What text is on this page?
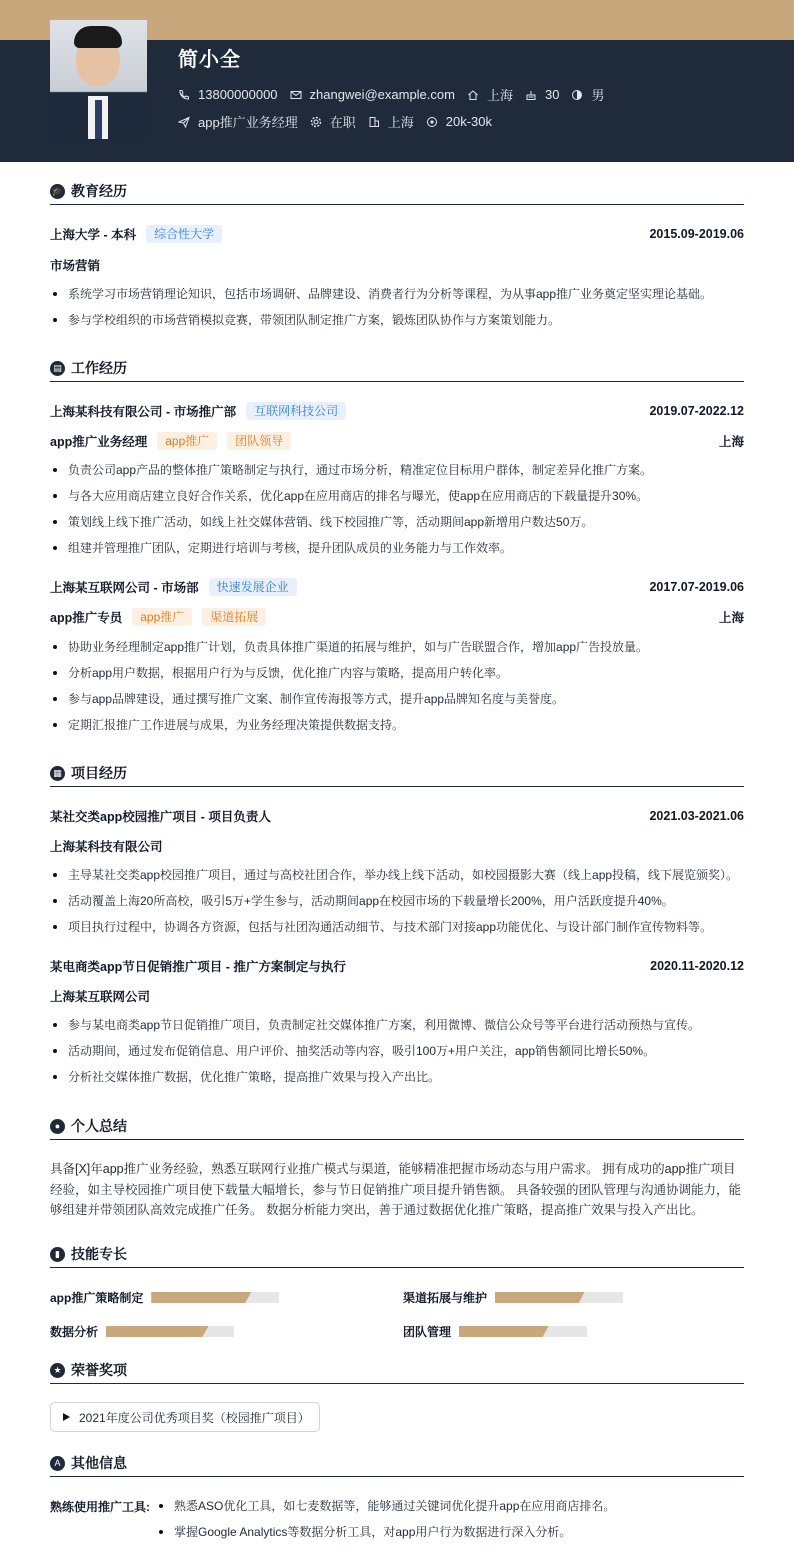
简小全
13800000000 zhangwei@example.com 上海 30 男
app推广业务经理 在职 上海 20k-30k
🎓 教育经历
上海大学 - 本科	综合性大学	2015.09-2019.06
市场营销
系统学习市场营销理论知识，包括市场调研、品牌建设、消费者行为分析等课程，为从事app推广业务奠定坚实理论基础。
参与学校组织的市场营销模拟竞赛，带领团队制定推广方案，锻炼团队协作与方案策划能力。
▤ 工作经历
上海某科技有限公司 - 市场推广部	互联网科技公司	2019.07-2022.12
app推广业务经理	app推广	团队领导	上海
负责公司app产品的整体推广策略制定与执行，通过市场分析，精准定位目标用户群体，制定差异化推广方案。
与各大应用商店建立良好合作关系，优化app在应用商店的排名与曝光，使app在应用商店的下载量提升30%。
策划线上线下推广活动，如线上社交媒体营销、线下校园推广等，活动期间app新增用户数达50万。
组建并管理推广团队，定期进行培训与考核，提升团队成员的业务能力与工作效率。
上海某互联网公司 - 市场部	快速发展企业	2017.07-2019.06
app推广专员	app推广	渠道拓展	上海
协助业务经理制定app推广计划，负责具体推广渠道的拓展与维护，如与广告联盟合作，增加app广告投放量。
分析app用户数据，根据用户行为与反馈，优化推广内容与策略，提高用户转化率。
参与app品牌建设，通过撰写推广文案、制作宣传海报等方式，提升app品牌知名度与美誉度。
定期汇报推广工作进展与成果，为业务经理决策提供数据支持。
▦ 项目经历
某社交类app校园推广项目 - 项目负责人	2021.03-2021.06
上海某科技有限公司
主导某社交类app校园推广项目，通过与高校社团合作，举办线上线下活动，如校园摄影大赛（线上app投稿，线下展览颁奖）。
活动覆盖上海20所高校，吸引5万+学生参与，活动期间app在校园市场的下载量增长200%，用户活跃度提升40%。
项目执行过程中，协调各方资源，包括与社团沟通活动细节、与技术部门对接app功能优化、与设计部门制作宣传物料等。
某电商类app节日促销推广项目 - 推广方案制定与执行	2020.11-2020.12
上海某互联网公司
参与某电商类app节日促销推广项目，负责制定社交媒体推广方案，利用微博、微信公众号等平台进行活动预热与宣传。
活动期间，通过发布促销信息、用户评价、抽奖活动等内容，吸引100万+用户关注，app销售额同比增长50%。
分析社交媒体推广数据，优化推广策略，提高推广效果与投入产出比。
● 个人总结

具备[X]年app推广业务经验，熟悉互联网行业推广模式与渠道，能够精准把握市场动态与用户需求。 拥有成功的app推广项目经验，如主导校园推广项目使下载量大幅增长，参与节日促销推广项目提升销售额。 具备较强的团队管理与沟通协调能力，能够组建并带领团队高效完成推广任务。 数据分析能力突出，善于通过数据优化推广策略，提高推广效果与投入产出比。

▮ 技能专长
app推广策略制定	渠道拓展与维护
数据分析	团队管理
★ 荣誉奖项
2021年度公司优秀项目奖（校园推广项目）
A 其他信息
熟练使用推广工具:	熟悉ASO优化工具，如七麦数据等，能够通过关键词优化提升app在应用商店排名。
掌握Google Analytics等数据分析工具，对app用户行为数据进行深入分析。
